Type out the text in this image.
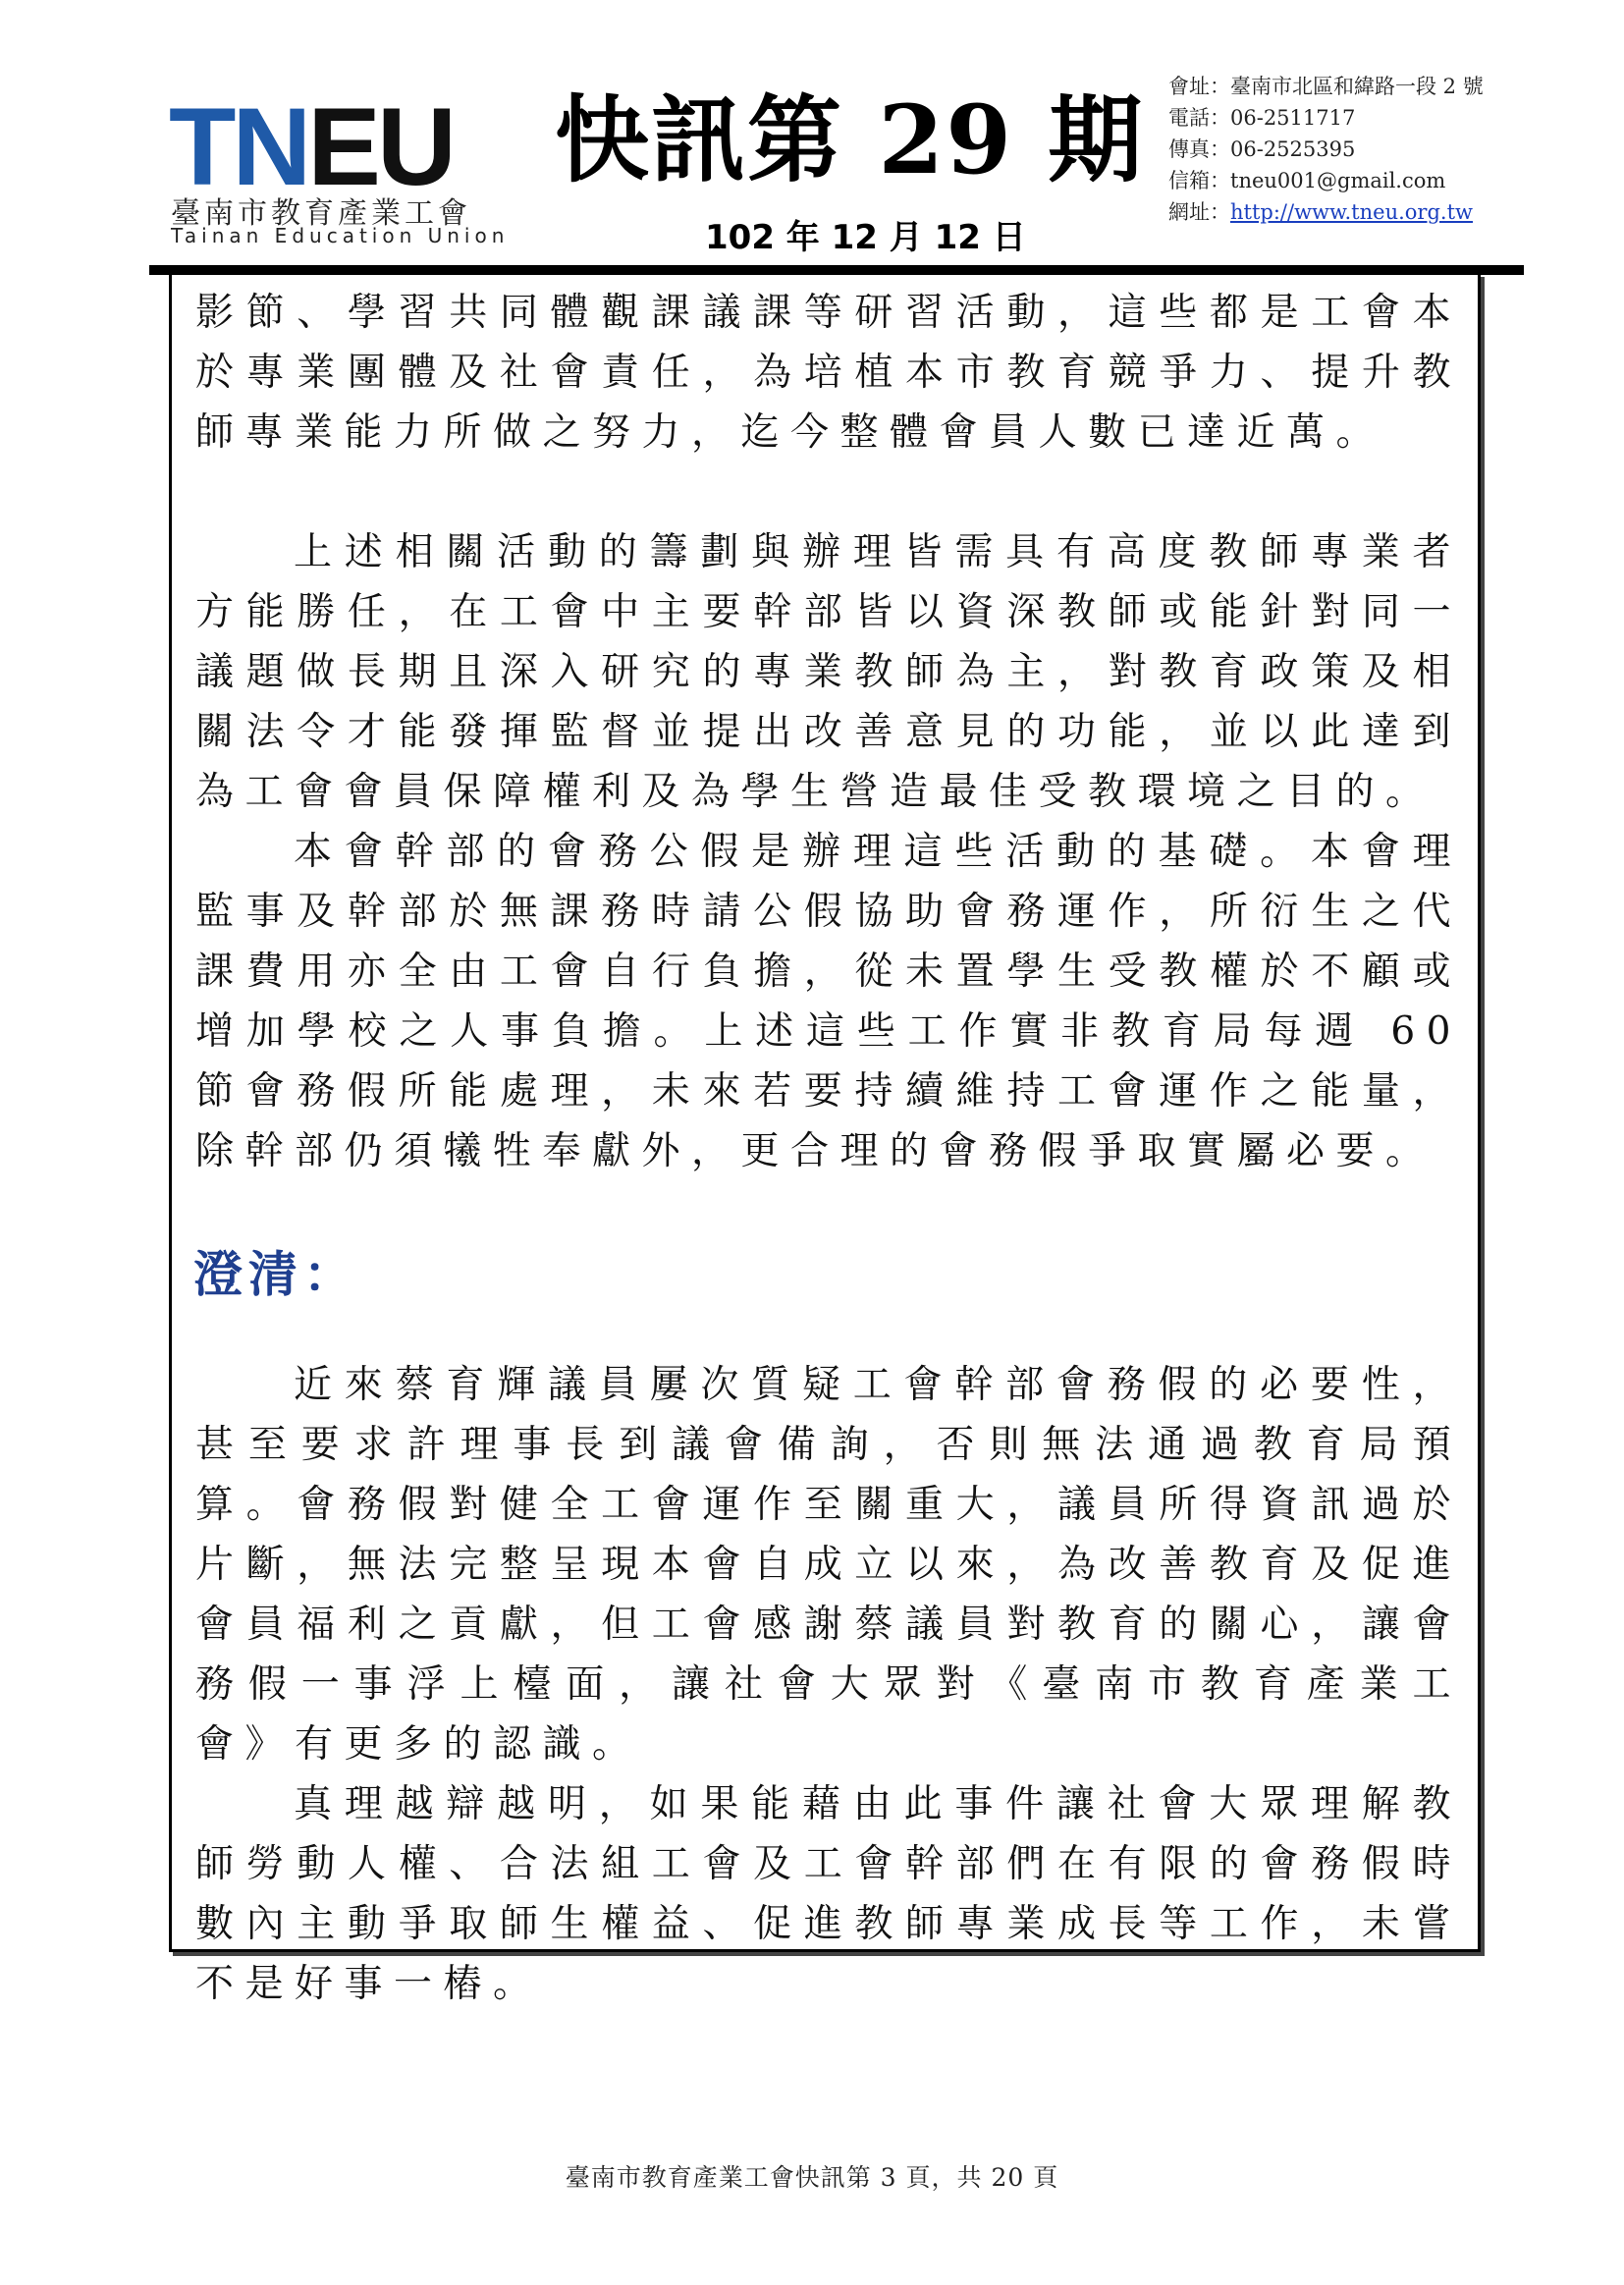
TNEU
臺南市教育產業工會
Tainan Education Union
快訊第 29 期
102 年 12 月 12 日
會址：臺南市北區和緯路一段 2 號
電話：06-2511717
傳真：06-2525395
信箱：tneu001@gmail.com
網址：http://www.tneu.org.tw

影節、學習共同體觀課議課等研習活動，這些都是工會本於專業團體及社會責任，為培植本市教育競爭力、提升教師專業能力所做之努力，迄今整體會員人數已達近萬。

上述相關活動的籌劃與辦理皆需具有高度教師專業者方能勝任，在工會中主要幹部皆以資深教師或能針對同一議題做長期且深入研究的專業教師為主，對教育政策及相關法令才能發揮監督並提出改善意見的功能，並以此達到為工會會員保障權利及為學生營造最佳受教環境之目的。

本會幹部的會務公假是辦理這些活動的基礎。本會理監事及幹部於無課務時請公假協助會務運作，所衍生之代課費用亦全由工會自行負擔，從未置學生受教權於不顧或增加學校之人事負擔。上述這些工作實非教育局每週 60 節會務假所能處理，未來若要持續維持工會運作之能量，除幹部仍須犧牲奉獻外，更合理的會務假爭取實屬必要。

澄清：

近來蔡育輝議員屢次質疑工會幹部會務假的必要性，甚至要求許理事長到議會備詢，否則無法通過教育局預算。會務假對健全工會運作至關重大，議員所得資訊過於片斷，無法完整呈現本會自成立以來，為改善教育及促進會員福利之貢獻，但工會感謝蔡議員對教育的關心，讓會務假一事浮上檯面，讓社會大眾對《臺南市教育產業工會》有更多的認識。

真理越辯越明，如果能藉由此事件讓社會大眾理解教師勞動人權、合法組工會及工會幹部們在有限的會務假時數內主動爭取師生權益、促進教師專業成長等工作，未嘗不是好事一樁。

臺南市教育產業工會快訊第 3 頁，共 20 頁
